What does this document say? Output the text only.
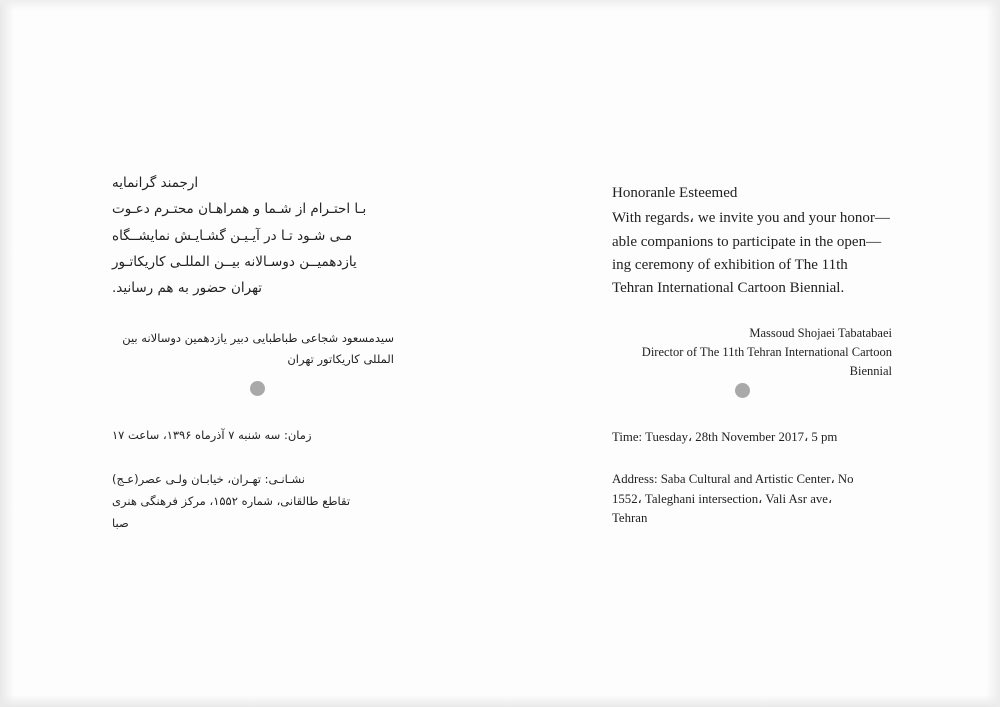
ارجمند گرانمایه
بـا احتـرام از شـما و همراهـان محتـرم دعـوت
مـی شـود تـا در آیـیـن گشـایـش نمایشــگاه
یازدهمیــن دوسـالانه بیــن المللـی کاریکاتـور
تهران حضور به هم رسانید.
سیدمسعود شجاعی طباطبایی دبیر یازدهمین دوسالانه بین المللی کاریکاتور تهران
زمان: سه شنبه ۷ آذرماه ۱۳۹۶، ساعت ۱۷
نشـانـی: تهـران، خیابـان ولـی عصر(عـج)
تقاطع طالقانی، شماره ۱۵۵۲، مرکز فرهنگی هنری
صبا
Honoranle Esteemed
With regards، we invite you and your honor—
able companions to participate in the open—
ing ceremony of exhibition of The 11th
Tehran International Cartoon Biennial.
Massoud Shojaei Tabatabaei
Director of The 11th Tehran International Cartoon
Biennial
Time: Tuesday، 28th November 2017، 5 pm
Address: Saba Cultural and Artistic Center، No
1552، Taleghani intersection، Vali Asr ave،
Tehran
